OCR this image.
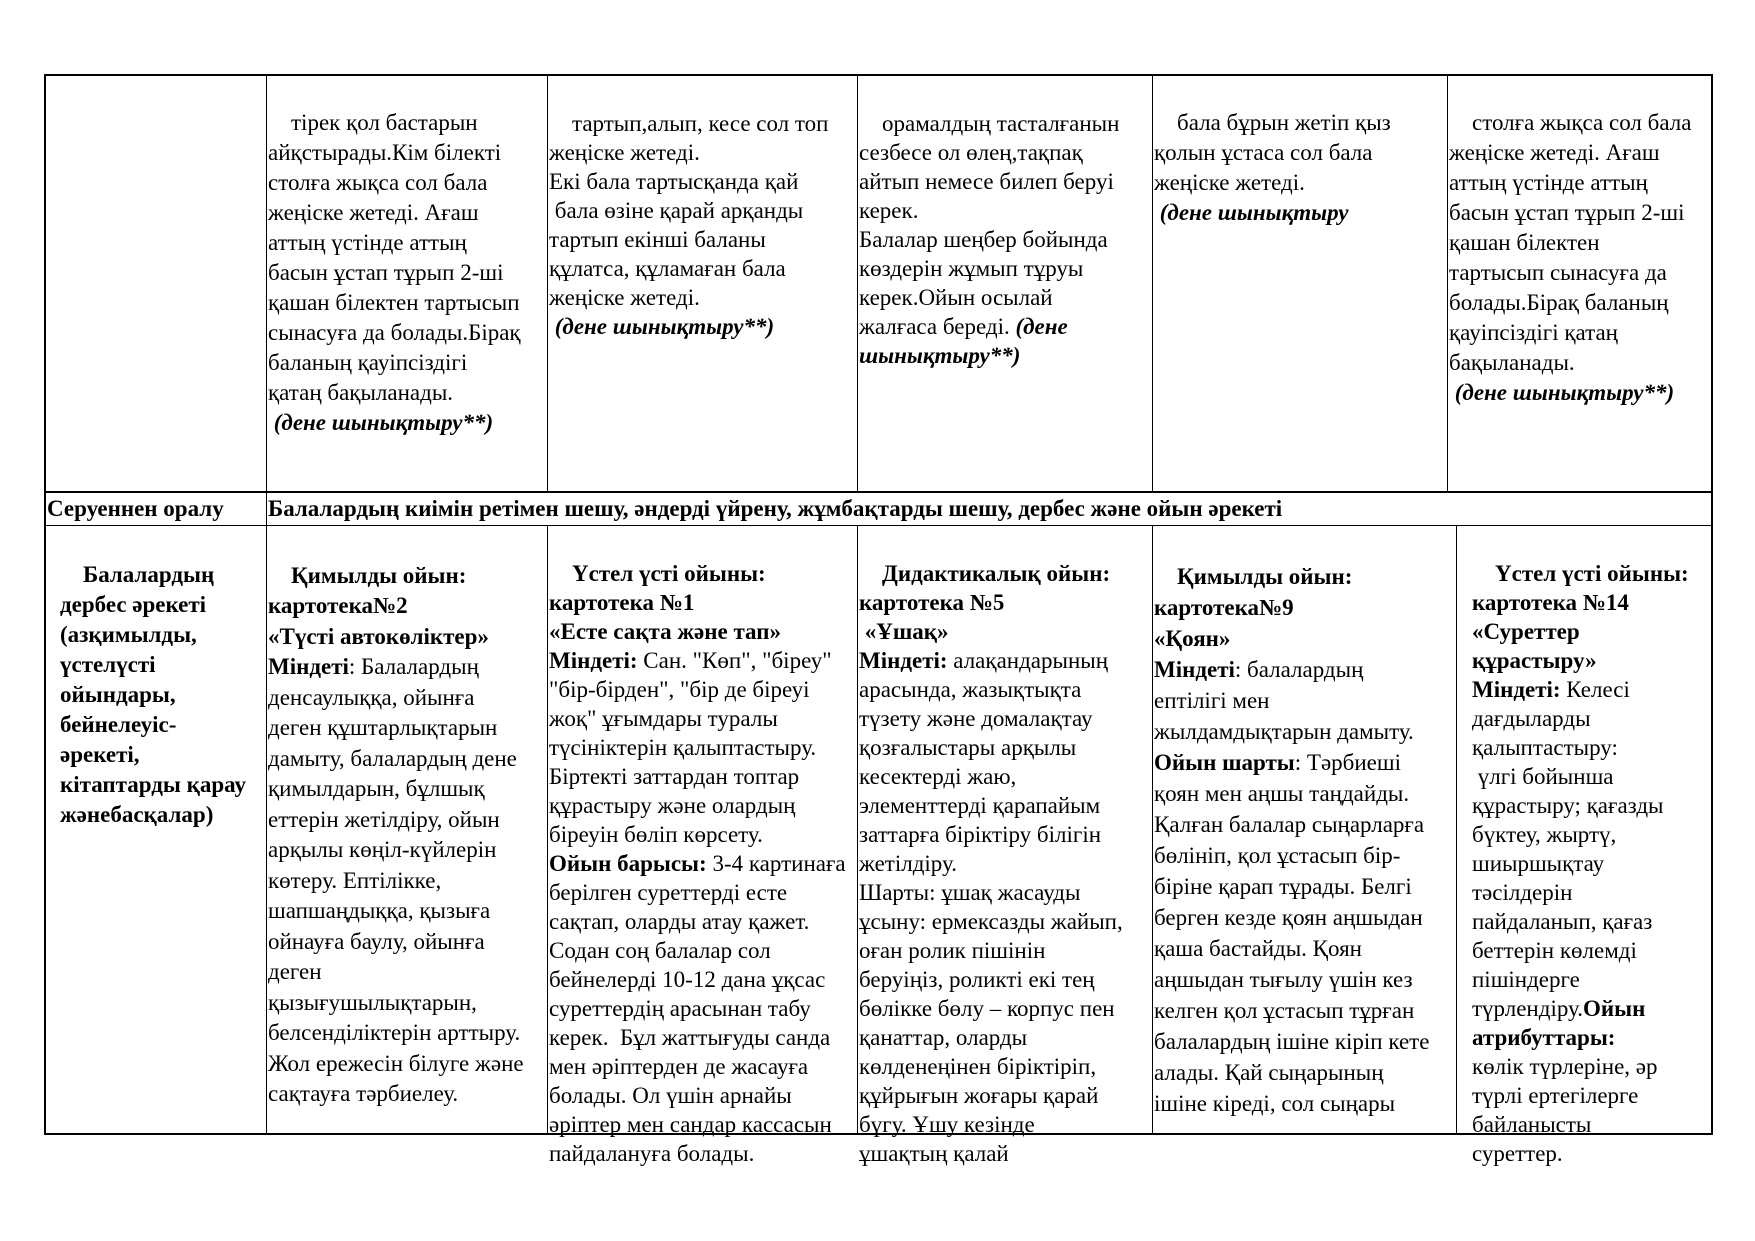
тірек қол бастарын
айқстырады.Кім білекті
столға жықса сол бала
жеңіске жетеді. Ағаш
аттың үстінде аттың
басын ұстап тұрып 2-ші
қашан білектен тартысып
сынасуға да болады.Бірақ
баланың қауіпсіздігі
қатаң бақыланады.
(дене шынықтыру**)

тартып,алып, кесе сол топ
жеңіске жетеді.
Екі бала тартысқанда қай
бала өзіне қарай арқанды
тартып екінші баланы
құлатса, құламаған бала
жеңіске жетеді.
(дене шынықтыру**)

орамалдың тасталғанын
сезбесе ол өлең,тақпақ
айтып немесе билеп беруі
керек.
Балалар шеңбер бойында
көздерін жұмып тұруы
керек.Ойын осылай
жалғаса береді. (дене
шынықтыру**)

бала бұрын жетіп қыз
қолын ұстаса сол бала
жеңіске жетеді.
(дене шынықтыру

столға жықса сол бала
жеңіске жетеді. Ағаш
аттың үстінде аттың
басын ұстап тұрып 2-ші
қашан білектен
тартысып сынасуға да
болады.Бірақ баланың
қауіпсіздігі қатаң
бақыланады.
(дене шынықтыру**)

Серуеннен оралу	Балалардың киімін ретімен шешу, әндерді үйрену, жұмбақтарды шешу, дербес және ойын әрекеті

Балалардың
дербес әрекеті
(азқимылды,
үстелүсті
ойындары,
бейнелеуіс-
әрекеті,
кітаптарды қарау
жәнебасқалар)

Қимылды ойын:
картотека№2
«Түсті автокөліктер»
Міндеті: Балалардың
денсаулыққа, ойынға
деген құштарлықтарын
дамыту, балалардың дене
қимылдарын, бұлшық
еттерін жетілдіру, ойын
арқылы көңіл-күйлерін
көтеру. Ептілікке,
шапшаңдыққа, қызыға
ойнауға баулу, ойынға
деген
қызығушылықтарын,
белсенділіктерін арттыру.
Жол ережесін білуге және
сақтауға тәрбиелеу.

Үстел үсті ойыны:
картотека №1
«Есте сақта және тап»
Міндеті: Сан. "Көп", "біреу"
"бір-бірден", "бір де біреуі
жоқ" ұғымдары туралы
түсініктерін қалыптастыру.
Біртекті заттардан топтар
құрастыру және олардың
біреуін бөліп көрсету.
Ойын барысы: 3-4 картинаға
берілген суреттерді есте
сақтап, оларды атау қажет.
Содан соң балалар сол
бейнелерді 10-12 дана ұқсас
суреттердің арасынан табу
керек.  Бұл жаттығуды санда
мен әріптерден де жасауға
болады. Ол үшін арнайы
әріптер мен сандар кассасын
пайдалануға болады.

Дидактикалық ойын:
картотека №5
«Ұшақ»
Міндеті: алақандарының
арасында, жазықтықта
түзету және домалақтау
қозғалыстары арқылы
кесектерді жаю,
элементтерді қарапайым
заттарға біріктіру білігін
жетілдіру.
Шарты: ұшақ жасауды
ұсыну: ермексазды жайып,
оған ролик пішінін
беруіңіз, роликті екі тең
бөлікке бөлу – корпус пен
қанаттар, оларды
көлденеңінен біріктіріп,
құйрығын жоғары қарай
бүгу. Ұшу кезінде
ұшақтың қалай

Қимылды ойын:
картотека№9
«Қоян»
Міндеті: балалардың
ептілігі мен
жылдамдықтарын дамыту.
Ойын шарты: Тәрбиеші
қоян мен аңшы таңдайды.
Қалған балалар сыңарларға
бөлініп, қол ұстасып бір-
біріне қарап тұрады. Белгі
берген кезде қоян аңшыдан
қаша бастайды. Қоян
аңшыдан тығылу үшін кез
келген қол ұстасып тұрған
балалардың ішіне кіріп кете
алады. Қай сыңарының
ішіне кіреді, сол сыңары

Үстел үсті ойыны:
картотека №14
«Суреттер
құрастыру»
Міндеті: Келесі
дағдыларды
қалыптастыру:
үлгі бойынша
құрастыру; қағазды
бүктеу, жыртү,
шиыршықтау
тәсілдерін
пайдаланып, қағаз
беттерін көлемді
пішіндерге
түрлендіру.Ойын
атрибуттары:
көлік түрлеріне, әр
түрлі ертегілерге
байланысты
суреттер.
